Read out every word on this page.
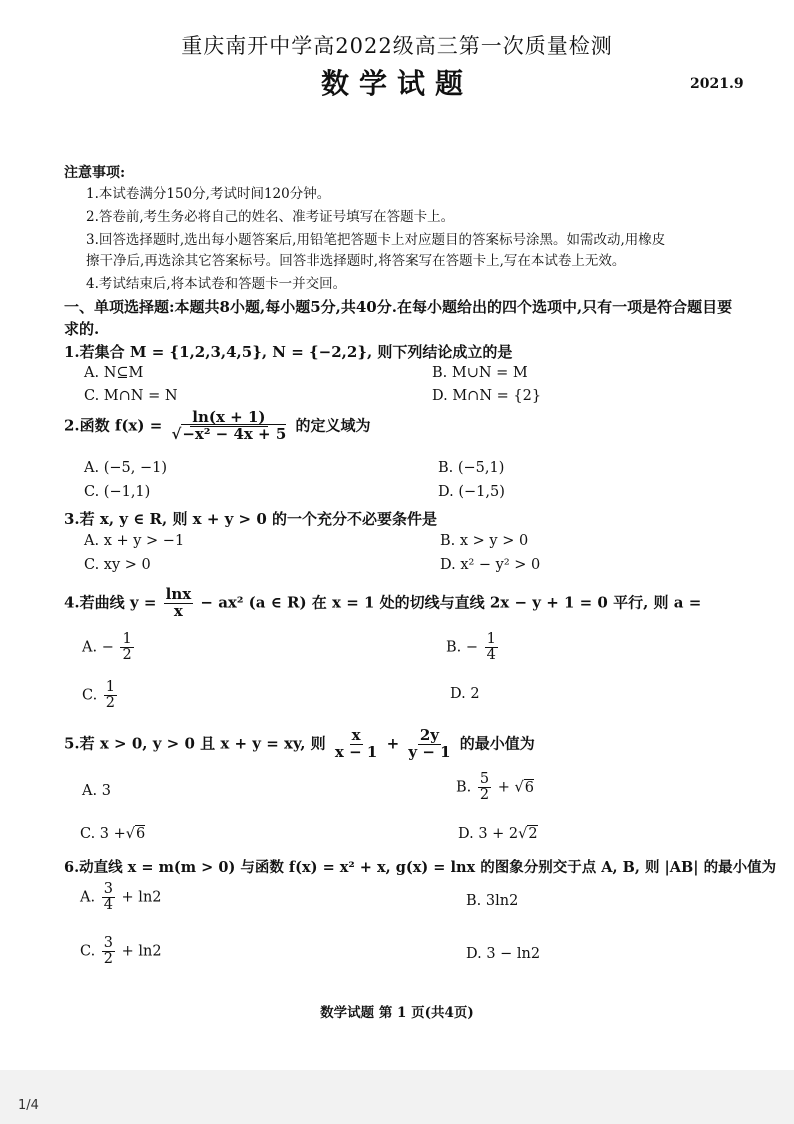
重庆南开中学高2022级高三第一次质量检测
数学试题	2021.9
注意事项:
1.本试卷满分150分,考试时间120分钟。
2.答卷前,考生务必将自己的姓名、准考证号填写在答题卡上。
3.回答选择题时,选出每小题答案后,用铅笔把答题卡上对应题目的答案标号涂黑。如需改动,用橡皮
擦干净后,再选涂其它答案标号。回答非选择题时,将答案写在答题卡上,写在本试卷上无效。
4.考试结束后,将本试卷和答题卡一并交回。
一、单项选择题:本题共8小题,每小题5分,共40分.在每小题给出的四个选项中,只有一项是符合题目要
求的.
1.若集合 M = {1,2,3,4,5}, N = {−2,2}, 则下列结论成立的是
A. N⊆M	B. M∪N = M
C. M∩N = N	D. M∩N = {2}
2.函数 $f(x) = \frac{\ln(x + 1)}{\text{√−x² − 4x + 5}}$ 的定义域为
A. (−5, −1)	B. (−5,1)
C. (−1,1)	D. (−1,5)
3.若 x, y ∈ R, 则 x + y > 0 的一个充分不必要条件是
A. x + y > −1	B. x > y > 0
C. xy > 0	D. x² − y² > 0
4.若曲线 $y = \frac{\ln x}{x} - ax^2$ (a ∈ R) 在 x = 1 处的切线与直线 2x − y + 1 = 0 平行, 则 a =
A. − $\frac{1}{2}$	B. − $\frac{1}{4}$
C. $\frac{1}{2}$	D. 2
5.若 x > 0, y > 0 且 x + y = xy, 则 $\frac{x}{x - 1} + \frac{2y}{y - 1}$ 的最小值为
A. 3	B. $\frac{5}{2} + √6$
C. 3 +√6	D. 3 + 2√2
6.动直线 x = m(m > 0) 与函数 f(x) = x² + x, g(x) = lnx 的图象分别交于点 A, B, 则 |AB| 的最小值为
A. $\frac{3}{4} + \ln 2$	B. 3ln2
C. $\frac{3}{2} + \ln 2$	D. 3 − ln2
数学试题 第 1 页(共4页)
1/4
